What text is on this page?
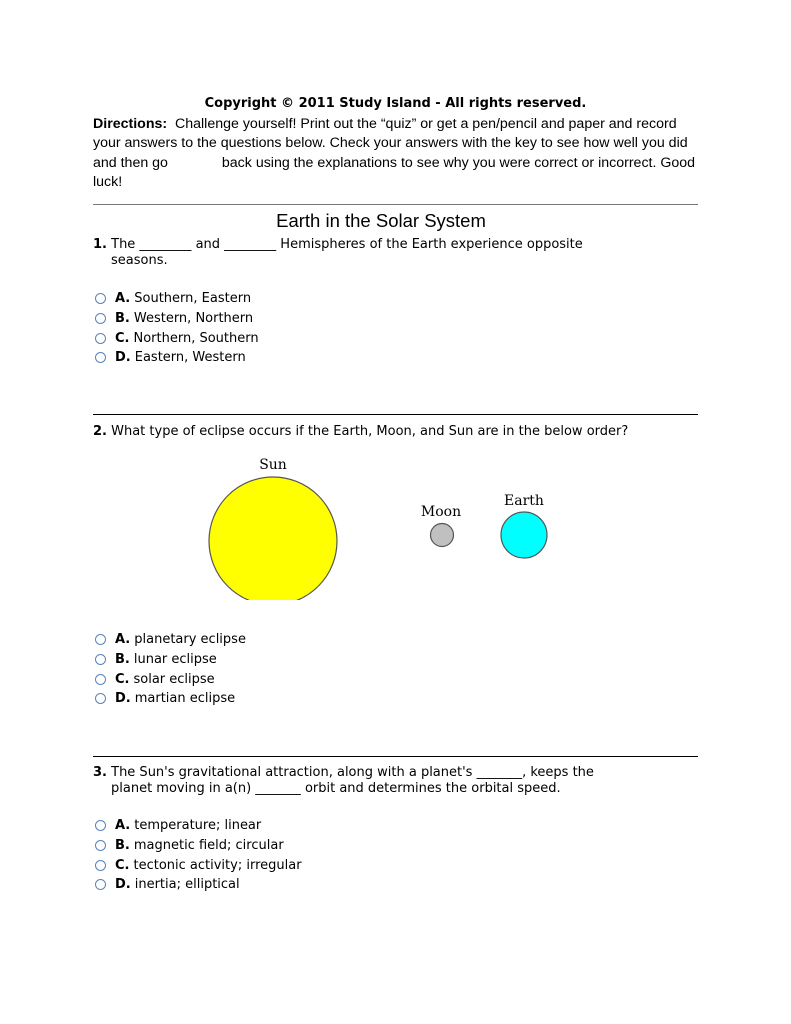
Copyright © 2011 Study Island - All rights reserved.
Directions: Challenge yourself! Print out the “quiz” or get a pen/pencil and paper and record your answers to the questions below. Check your answers with the key to see how well you did and then go	back using the explanations to see why you were correct or incorrect. Good luck!
Earth in the Solar System
1. The ________ and ________ Hemispheres of the Earth experience opposite
seasons.
A. Southern, Eastern
B. Western, Northern
C. Northern, Southern
D. Eastern, Western
2. What type of eclipse occurs if the Earth, Moon, and Sun are in the below order?
Sun
Moon
Earth
A. planetary eclipse
B. lunar eclipse
C. solar eclipse
D. martian eclipse
3. The Sun's gravitational attraction, along with a planet's _______, keeps the
planet moving in a(n) _______ orbit and determines the orbital speed.
A. temperature; linear
B. magnetic field; circular
C. tectonic activity; irregular
D. inertia; elliptical
